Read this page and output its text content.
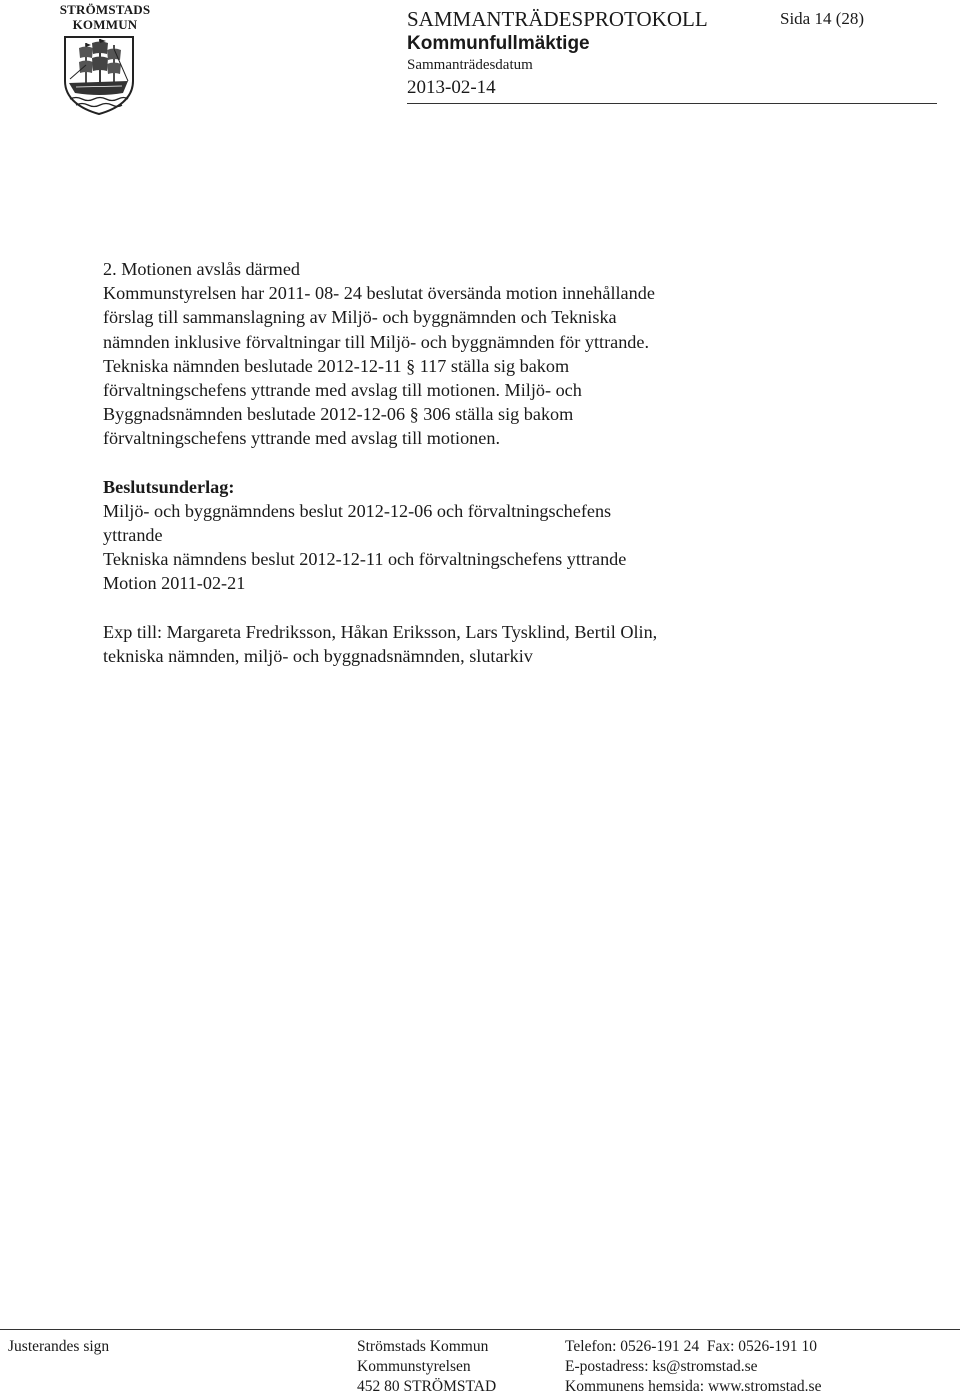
STRÖMSTADS
KOMMUN	SAMMANTRÄDESPROTOKOLL
Kommunfullmäktige
Sammanträdesdatum
2013-02-14
Sida 14 (28)

2. Motionen avslås därmed

Kommunstyrelsen har 2011- 08- 24 beslutat översända motion innehållande

förslag till sammanslagning av Miljö- och byggnämnden och Tekniska

nämnden inklusive förvaltningar till Miljö- och byggnämnden för yttrande.

Tekniska nämnden beslutade 2012-12-11 § 117 ställa sig bakom

förvaltningschefens yttrande med avslag till motionen. Miljö- och

Byggnadsnämnden beslutade 2012-12-06 § 306 ställa sig bakom

förvaltningschefens yttrande med avslag till motionen.

Beslutsunderlag:

Miljö- och byggnämndens beslut 2012-12-06 och förvaltningschefens

yttrande

Tekniska nämndens beslut 2012-12-11 och förvaltningschefens yttrande

Motion 2011-02-21

Exp till: Margareta Fredriksson, Håkan Eriksson, Lars Tysklind, Bertil Olin,

tekniska nämnden, miljö- och byggnadsnämnden, slutarkiv

Justerandes sign	Strömstads Kommun
Kommunstyrelsen
452 80 STRÖMSTAD
Telefon: 0526-191 24 Fax: 0526-191 10
E-postadress: ks@stromstad.se
Kommunens hemsida: www.stromstad.se
